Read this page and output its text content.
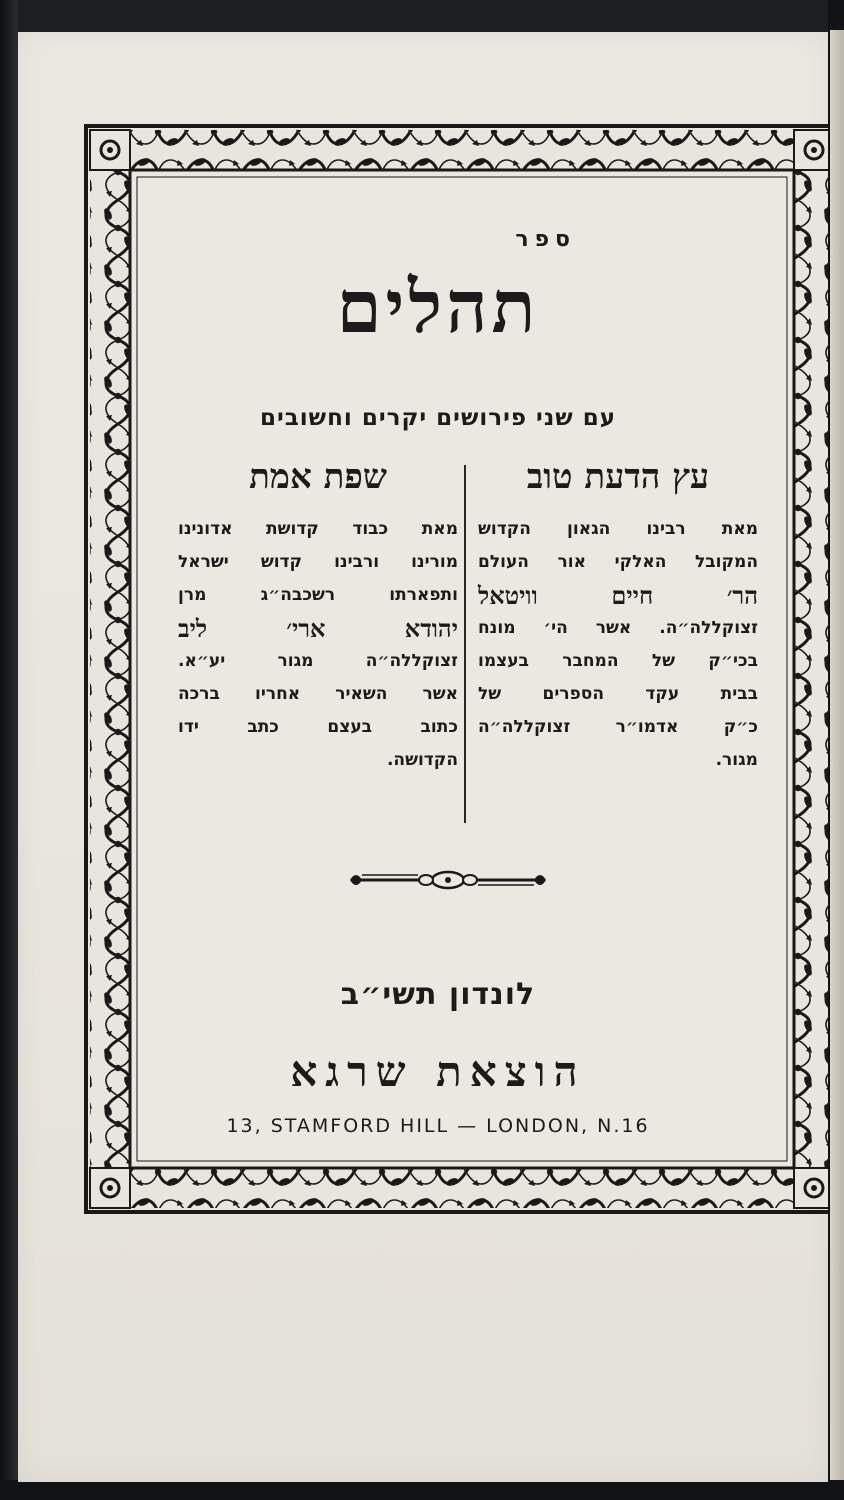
ספר
תהלים
עם שני פירושים יקרים וחשובים
עץ הדעת טוב
מאת רבינו הגאון הקדוש
המקובל האלקי אור העולם
הר׳ חיים וויטאל
זצוקללה״ה. אשר הי׳ מונח
בכי״ק של המחבר בעצמו
בבית עקד הספרים של
כ״ק אדמו״ר זצוקללה״ה
מגור.
שפת אמת
מאת כבוד קדושת אדונינו
מורינו ורבינו קדוש ישראל
ותפארתו רשכבה״ג מרן
יהודא ארי׳ ליב
זצוקללה״ה מגור יע״א.
אשר השאיר אחריו ברכה
כתוב בעצם כתב ידו
הקדושה.
לונדון תשי״ב
הוצאת שרגא
13, STAMFORD HILL — LONDON, N.16
